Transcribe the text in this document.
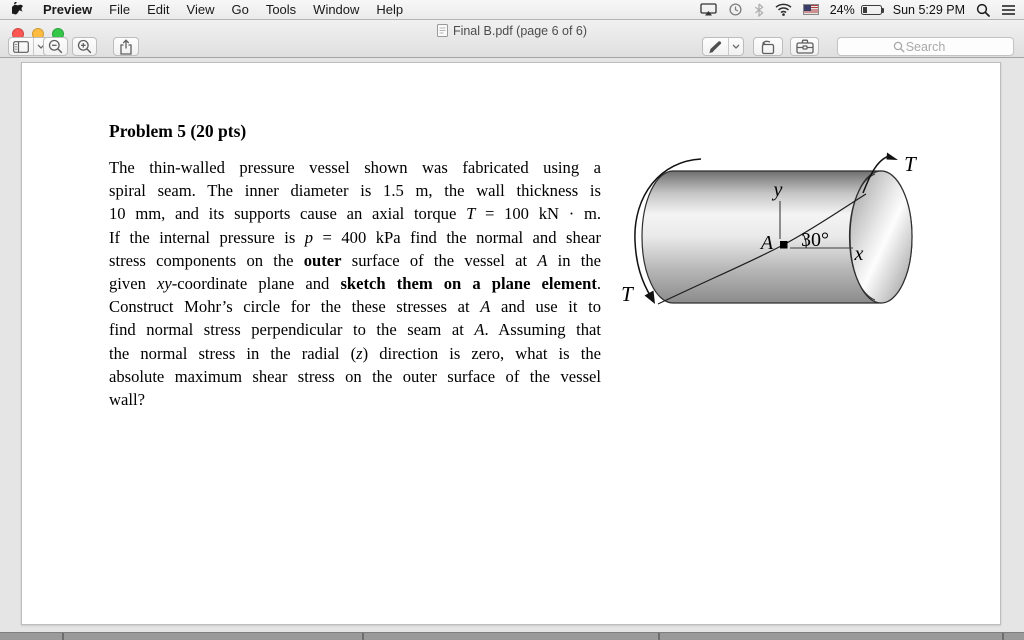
Preview File Edit View Go Tools Window Help	24%	Sun 5:29 PM
Final B.pdf (page 6 of 6)
Search
Problem 5 (20 pts)
The thin-walled pressure vessel shown was fabricated using a
spiral seam. The inner diameter is 1.5 m, the wall thickness is
10 mm, and its supports cause an axial torque T = 100 kN · m.
If the internal pressure is p = 400 kPa find the normal and shear
stress components on the outer surface of the vessel at A in the
given xy-coordinate plane and sketch them on a plane element.
Construct Mohr’s circle for the these stresses at A and use it to
find normal stress perpendicular to the seam at A. Assuming that
the normal stress in the radial (z) direction is zero, what is the
absolute maximum shear stress on the outer surface of the vessel
wall?
T
T
y
x
A 30°
